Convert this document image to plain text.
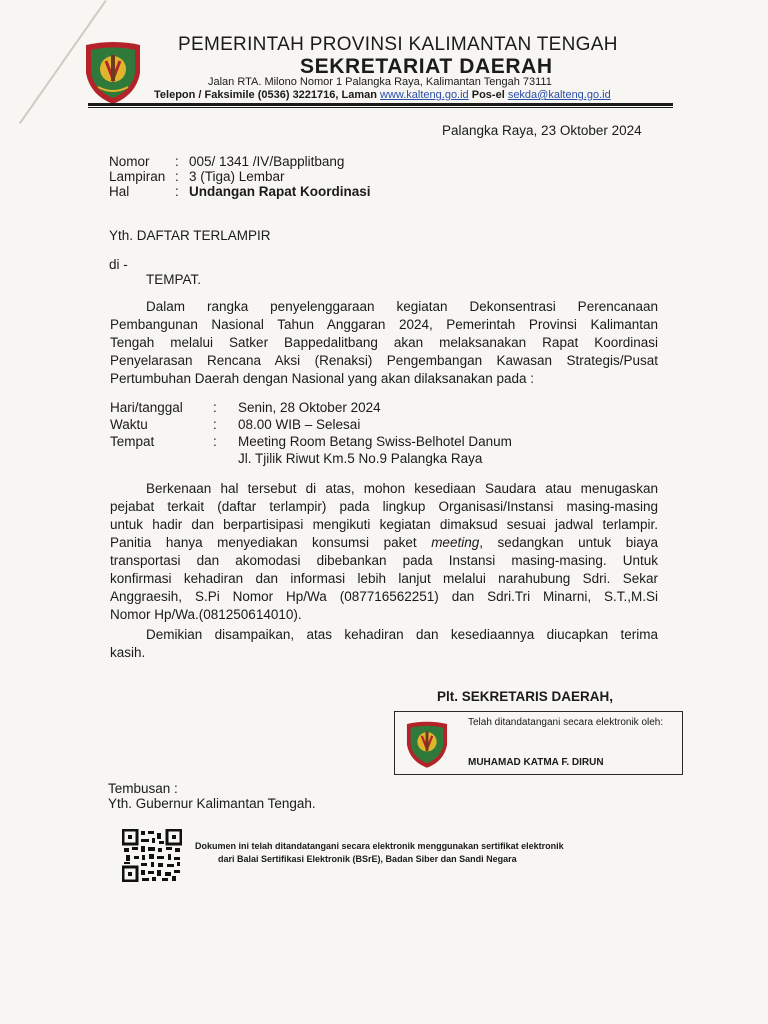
PEMERINTAH PROVINSI KALIMANTAN TENGAH
SEKRETARIAT DAERAH
Jalan RTA. Milono Nomor 1 Palangka Raya, Kalimantan Tengah 73111
Telepon / Faksimile (0536) 3221716, Laman www.kalteng.go.id Pos-el sekda@kalteng.go.id
Palangka Raya, 23 Oktober 2024
Nomor	: 005/ 1341 /IV/Bapplitbang
Lampiran : 3 (Tiga) Lembar
Hal	: Undangan Rapat Koordinasi
Yth. DAFTAR TERLAMPIR
di -
TEMPAT.
Dalam rangka penyelenggaraan kegiatan Dekonsentrasi Perencanaan
Pembangunan Nasional Tahun Anggaran 2024, Pemerintah Provinsi Kalimantan
Tengah melalui Satker Bappedalitbang akan melaksanakan Rapat Koordinasi
Penyelarasan Rencana Aksi (Renaksi) Pengembangan Kawasan Strategis/Pusat
Pertumbuhan Daerah dengan Nasional yang akan dilaksanakan pada :
Hari/tanggal	:	Senin, 28 Oktober 2024
Waktu	:	08.00 WIB – Selesai
Tempat	:	Meeting Room Betang Swiss-Belhotel Danum
Jl. Tjilik Riwut Km.5 No.9 Palangka Raya
Berkenaan hal tersebut di atas, mohon kesediaan Saudara atau menugaskan
pejabat terkait (daftar terlampir) pada lingkup Organisasi/Instansi masing-masing
untuk hadir dan berpartisipasi mengikuti kegiatan dimaksud sesuai jadwal terlampir.
Panitia hanya menyediakan konsumsi paket meeting, sedangkan untuk biaya
transportasi dan akomodasi dibebankan pada Instansi masing-masing. Untuk
konfirmasi kehadiran dan informasi lebih lanjut melalui narahubung Sdri. Sekar
Anggraesih, S.Pi Nomor Hp/Wa (087716562251) dan Sdri.Tri Minarni, S.T.,M.Si
Nomor Hp/Wa.(081250614010).
Demikian disampaikan, atas kehadiran dan kesediaannya diucapkan terima
kasih.
Plt. SEKRETARIS DAERAH,
Telah ditandatangani secara elektronik oleh:
MUHAMAD KATMA F. DIRUN
Tembusan :
Yth. Gubernur Kalimantan Tengah.
Dokumen ini telah ditandatangani secara elektronik menggunakan sertifikat elektronik
dari Balai Sertifikasi Elektronik (BSrE), Badan Siber dan Sandi Negara
